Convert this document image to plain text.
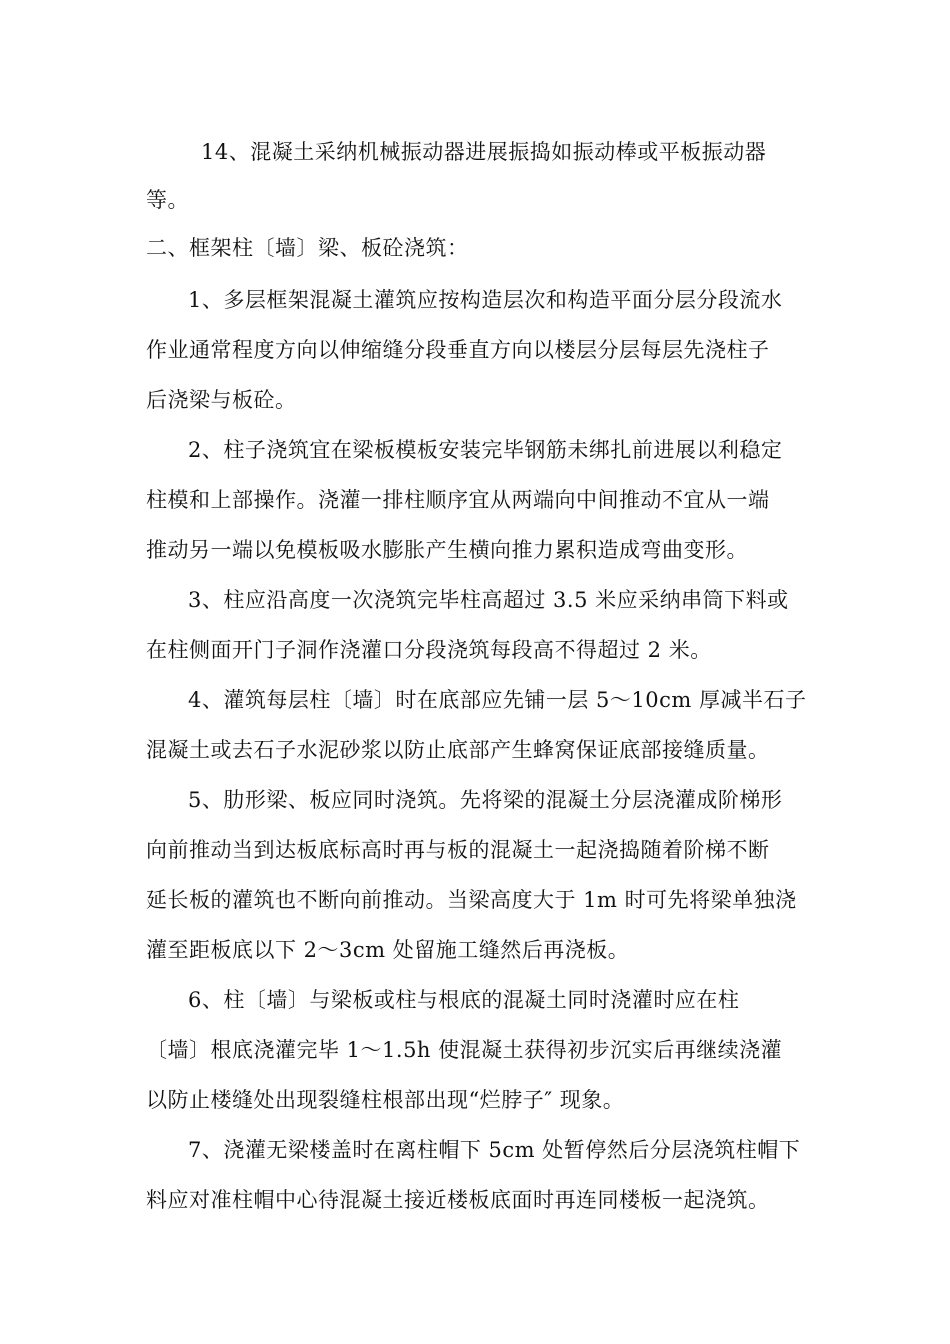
14、混凝土采纳机械振动器进展振捣如振动棒或平板振动器
等。
二、框架柱〔墙〕梁、板砼浇筑：
1、多层框架混凝土灌筑应按构造层次和构造平面分层分段流水
作业通常程度方向以伸缩缝分段垂直方向以楼层分层每层先浇柱子
后浇梁与板砼。
2、柱子浇筑宜在梁板模板安装完毕钢筋未绑扎前进展以利稳定
柱模和上部操作。浇灌一排柱顺序宜从两端向中间推动不宜从一端
推动另一端以免模板吸水膨胀产生横向推力累积造成弯曲变形。
3、柱应沿高度一次浇筑完毕柱高超过 3.5 米应采纳串筒下料或
在柱侧面开门子洞作浇灌口分段浇筑每段高不得超过 2 米。
4、灌筑每层柱〔墙〕时在底部应先铺一层 5～10cm 厚减半石子
混凝土或去石子水泥砂浆以防止底部产生蜂窝保证底部接缝质量。
5、肋形梁、板应同时浇筑。先将梁的混凝土分层浇灌成阶梯形
向前推动当到达板底标高时再与板的混凝土一起浇捣随着阶梯不断
延长板的灌筑也不断向前推动。当梁高度大于 1m 时可先将梁单独浇
灌至距板底以下 2～3cm 处留施工缝然后再浇板。
6、柱〔墙〕与梁板或柱与根底的混凝土同时浇灌时应在柱
〔墙〕根底浇灌完毕 1～1.5h 使混凝土获得初步沉实后再继续浇灌
以防止楼缝处出现裂缝柱根部出现“烂脖子″ 现象。
7、浇灌无梁楼盖时在离柱帽下 5cm 处暂停然后分层浇筑柱帽下
料应对准柱帽中心待混凝土接近楼板底面时再连同楼板一起浇筑。
